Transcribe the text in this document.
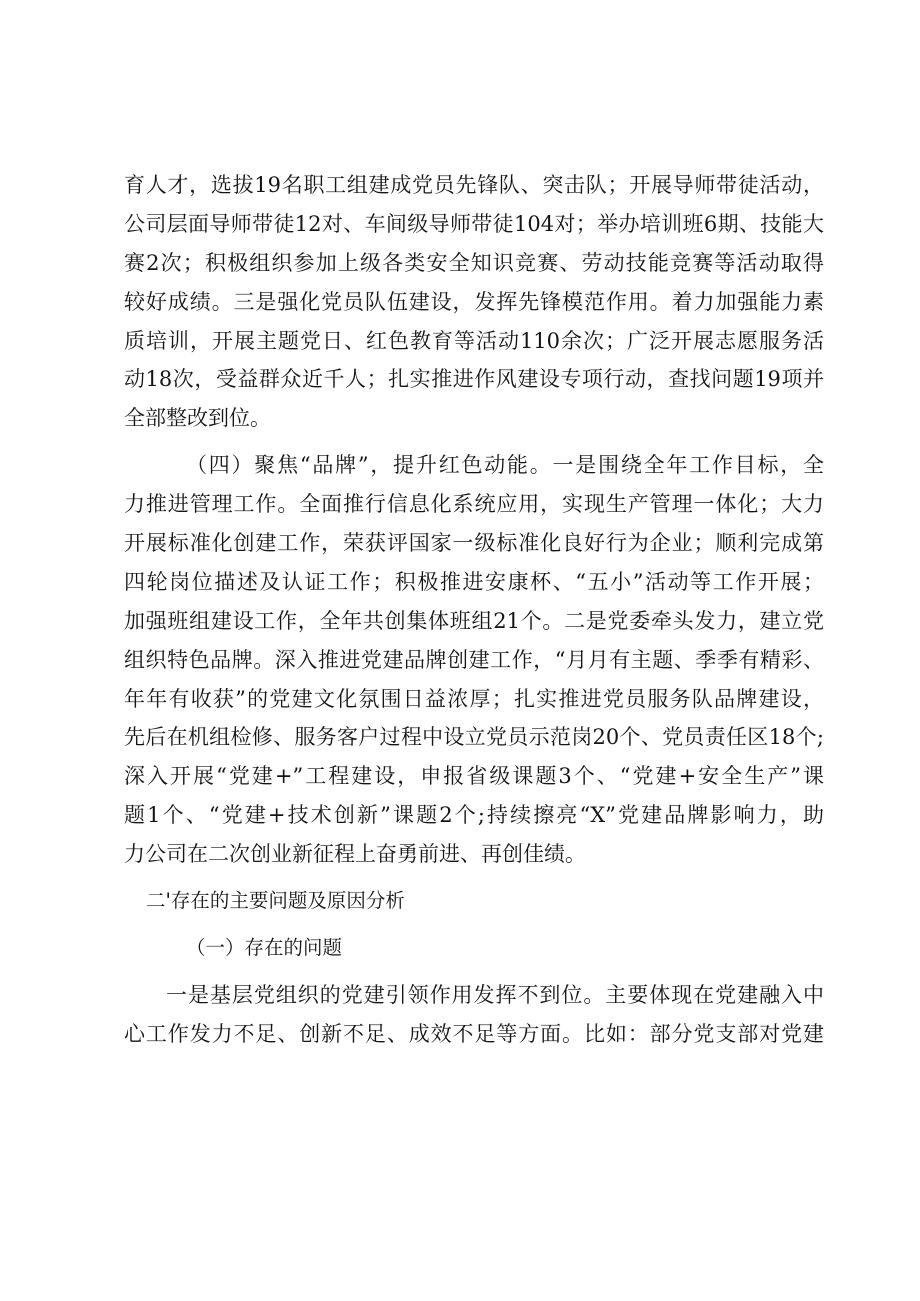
育人才，选拔19名职工组建成党员先锋队、突击队；开展导师带徒活动，
公司层面导师带徒12对、车间级导师带徒104对；举办培训班6期、技能大
赛2次；积极组织参加上级各类安全知识竞赛、劳动技能竞赛等活动取得
较好成绩。三是强化党员队伍建设，发挥先锋模范作用。着力加强能力素
质培训，开展主题党日、红色教育等活动110余次；广泛开展志愿服务活
动18次，受益群众近千人；扎实推进作风建设专项行动，查找问题19项并
全部整改到位。
（四）聚焦“品牌”，提升红色动能。一是围绕全年工作目标，全
力推进管理工作。全面推行信息化系统应用，实现生产管理一体化；大力
开展标准化创建工作，荣获评国家一级标准化良好行为企业；顺利完成第
四轮岗位描述及认证工作；积极推进安康杯、“五小”活动等工作开展；
加强班组建设工作，全年共创集体班组21个。二是党委牵头发力，建立党
组织特色品牌。深入推进党建品牌创建工作，“月月有主题、季季有精彩、
年年有收获”的党建文化氛围日益浓厚；扎实推进党员服务队品牌建设，
先后在机组检修、服务客户过程中设立党员示范岗20个、党员责任区18个;
深入开展“党建+”工程建设，申报省级课题3个、“党建+安全生产”课
题1个、“党建+技术创新”课题2个;持续擦亮“X”党建品牌影响力，助
力公司在二次创业新征程上奋勇前进、再创佳绩。
二'存在的主要问题及原因分析
（一）存在的问题
一是基层党组织的党建引领作用发挥不到位。主要体现在党建融入中
心工作发力不足、创新不足、成效不足等方面。比如：部分党支部对党建
